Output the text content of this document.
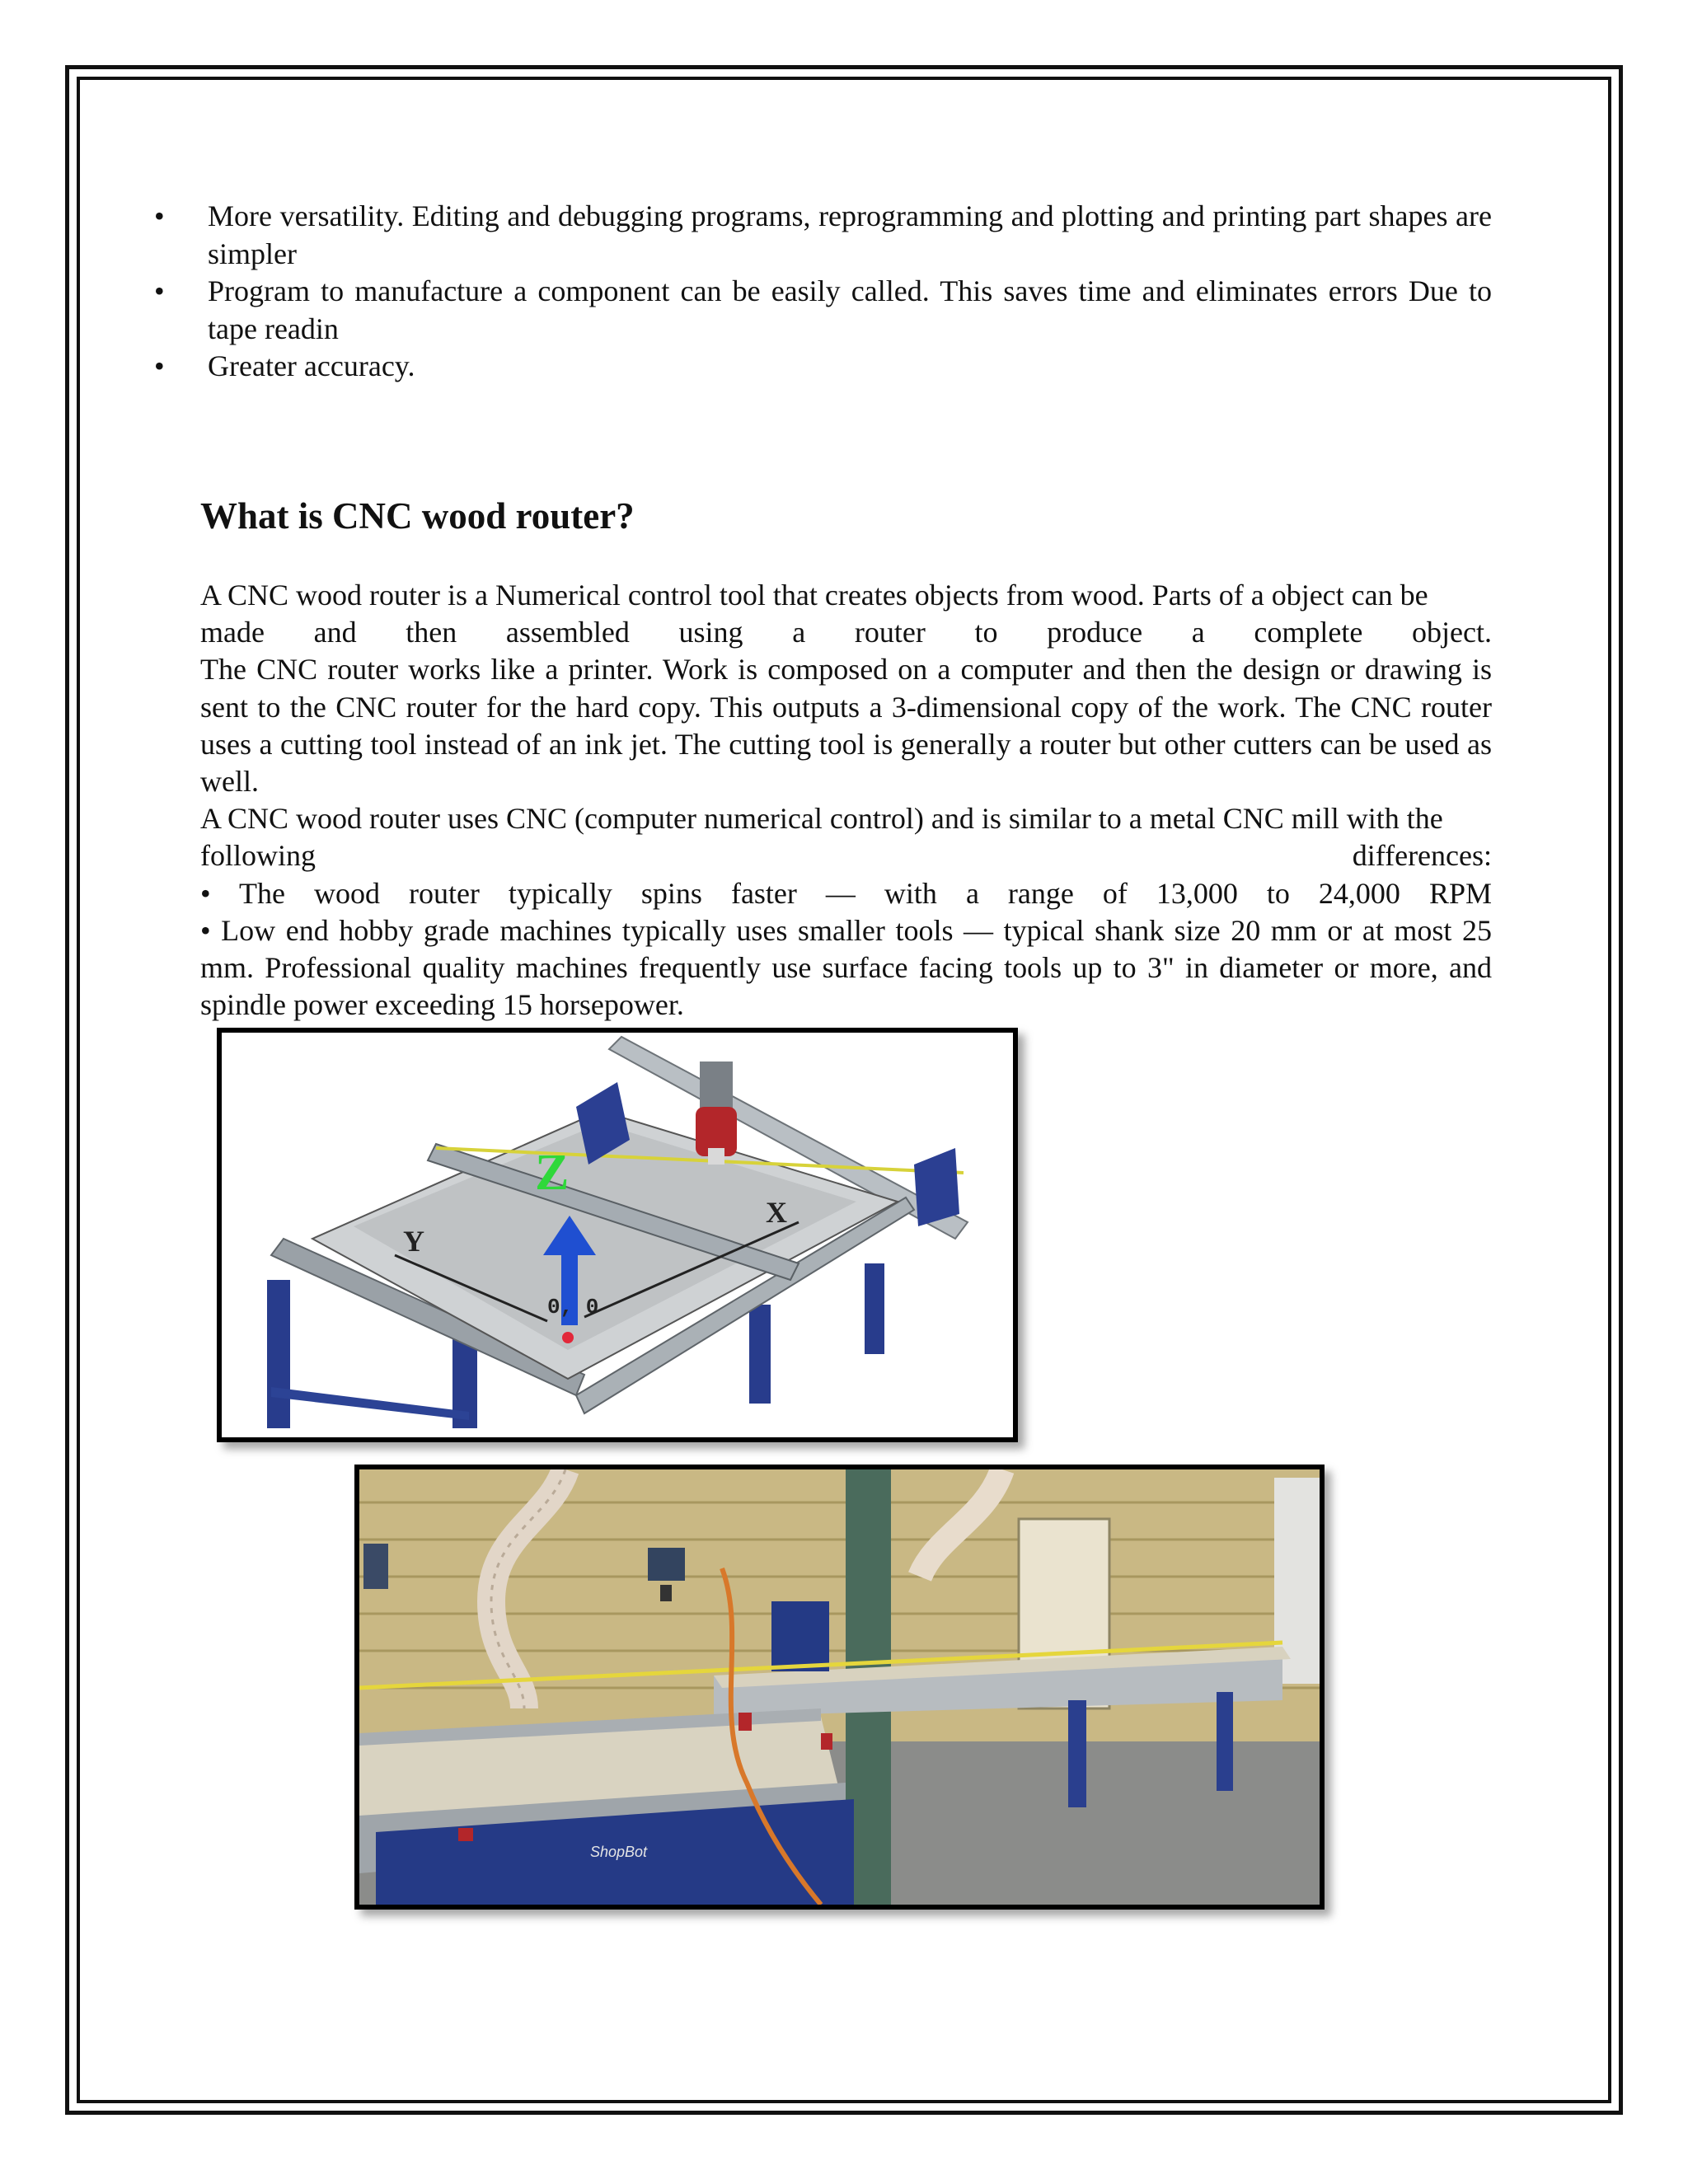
• More versatility. Editing and debugging programs, reprogramming and plotting and printing part shapes are simpler
• Program to manufacture a component can be easily called. This saves time and eliminates errors Due to tape readin
• Greater accuracy.
What is CNC wood router?

A CNC wood router is a Numerical control tool that creates objects from wood. Parts of a object can be

made and then assembled using a router to produce a complete object.

The CNC router works like a printer. Work is composed on a computer and then the design or drawing is sent to the CNC router for the hard copy. This outputs a 3-dimensional copy of the work. The CNC router uses a cutting tool instead of an ink jet. The cutting tool is generally a router but other cutters can be used as well.

A CNC wood router uses CNC (computer numerical control) and is similar to a metal CNC mill with the

following differences:

• The wood router typically spins faster — with a range of 13,000 to 24,000 RPM

• Low end hobby grade machines typically uses smaller tools — typical shank size 20 mm or at most 25 mm. Professional quality machines frequently use surface facing tools up to 3" in diameter or more, and spindle power exceeding 15 horsepower.

Z
Y
X
0, 0
ShopBot
